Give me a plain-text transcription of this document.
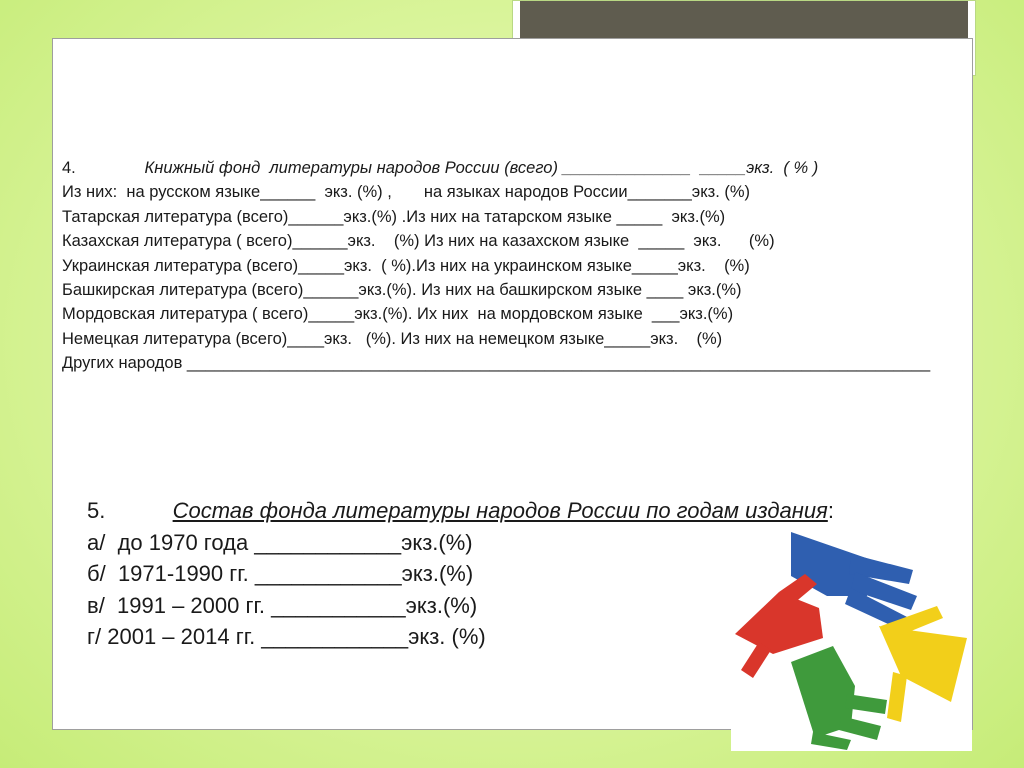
4.	Книжный фонд  литературы народов России (всего) ______________  _____экз.  ( % )
Из них:  на русском языке______  экз. (%) ,       на языках народов России_______экз. (%)
Татарская литература (всего)______экз.(%) .Из них на татарском языке _____  экз.(%)
Казахская литература ( всего)______экз.    (%) Из них на казахском языке  _____  экз.      (%)
Украинская литература (всего)_____экз.  ( %).Из них на украинском языке_____экз.    (%)
Башкирская литература (всего)______экз.(%). Из них на башкирском языке ____ экз.(%)
Мордовская литература ( всего)_____экз.(%). Их них  на мордовском языке  ___экз.(%)
Немецкая литература (всего)____экз.   (%). Из них на немецком языке_____экз.    (%)
Других народов _________________________________________________________________________________
5.	Состав фонда литературы народов России по годам издания:
а/  до 1970 года ____________экз.(%)
б/  1971-1990 гг. ____________экз.(%)
в/  1991 – 2000 гг. ___________экз.(%)
г/ 2001 – 2014 гг. ____________экз. (%)
